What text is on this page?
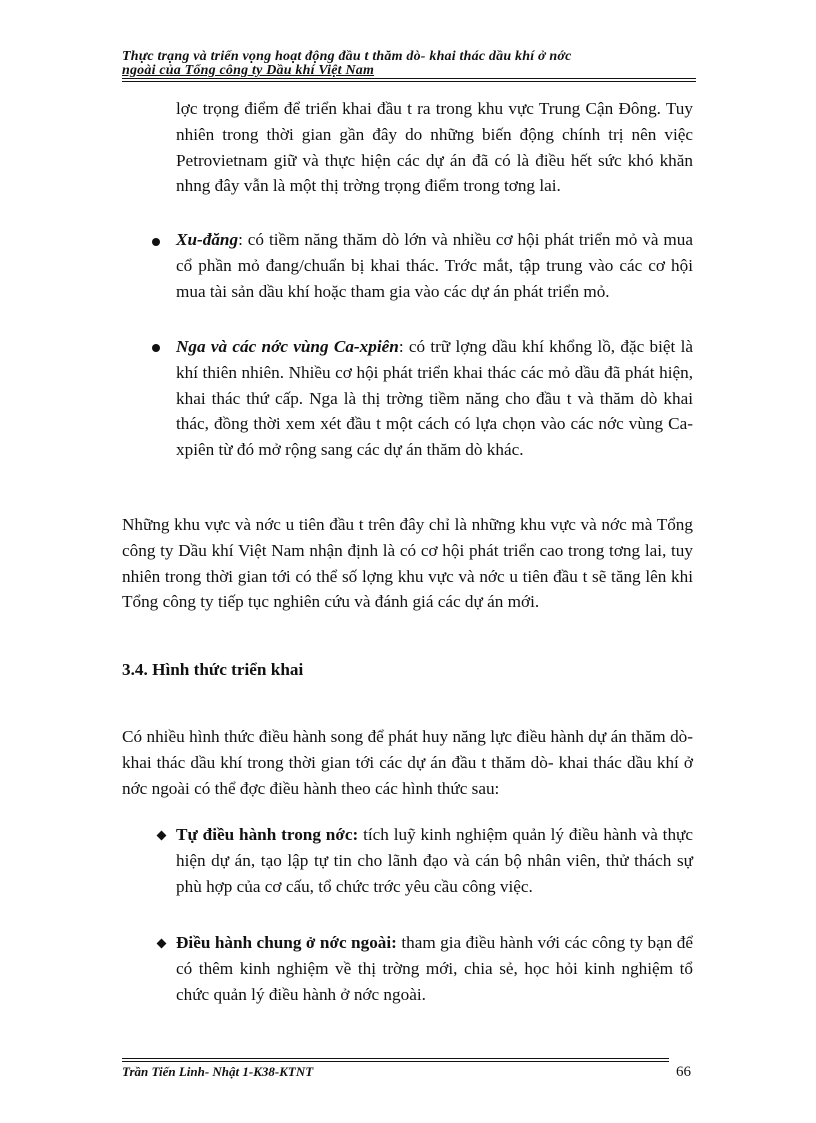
Thực trạng và triển vọng hoạt động đầu t thăm dò- khai thác dầu khí ở nớc
ngoài của Tổng công ty Dầu khí Việt Nam
lợc trọng điểm để triển khai đầu t ra trong khu vực Trung Cận Đông. Tuy nhiên trong thời gian gần đây do những biến động chính trị nên việc Petrovietnam giữ và thực hiện các dự án đã có là điều hết sức khó khăn nhng đây vẫn là một thị trờng trọng điểm trong tơng lai.
Xu-đăng: có tiềm năng thăm dò lớn và nhiều cơ hội phát triển mỏ và mua cổ phần mỏ đang/chuẩn bị khai thác. Trớc mắt, tập trung vào các cơ hội mua tài sản dầu khí hoặc tham gia vào các dự án phát triển mỏ.
Nga và các nớc vùng Ca-xpiên: có trữ lợng dầu khí khổng lồ, đặc biệt là khí thiên nhiên. Nhiều cơ hội phát triển khai thác các mỏ dầu đã phát hiện, khai thác thứ cấp. Nga là thị trờng tiềm năng cho đầu t và thăm dò khai thác, đồng thời xem xét đầu t một cách có lựa chọn vào các nớc vùng Ca-xpiên từ đó mở rộng sang các dự án thăm dò khác.
Những khu vực và nớc u tiên đầu t trên đây chỉ là những khu vực và nớc mà Tổng công ty Dầu khí Việt Nam nhận định là có cơ hội phát triển cao trong tơng lai, tuy nhiên trong thời gian tới có thể số lợng khu vực và nớc u tiên đầu t sẽ tăng lên khi Tổng công ty tiếp tục nghiên cứu và đánh giá các dự án mới.
3.4. Hình thức triển khai
Có nhiều hình thức điều hành song để phát huy năng lực điều hành dự án thăm dò- khai thác dầu khí trong thời gian tới các dự án đầu t thăm dò- khai thác dầu khí ở nớc ngoài có thể đợc điều hành theo các hình thức sau:
Tự điều hành trong nớc: tích luỹ kinh nghiệm quản lý điều hành và thực hiện dự án, tạo lập tự tin cho lãnh đạo và cán bộ nhân viên, thử thách sự phù hợp của cơ cấu, tổ chức trớc yêu cầu công việc.
Điều hành chung ở nớc ngoài: tham gia điều hành với các công ty bạn để có thêm kinh nghiệm về thị trờng mới, chia sẻ, học hỏi kinh nghiệm tổ chức quản lý điều hành ở nớc ngoài.
Trần Tiến Linh- Nhật 1-K38-KTNT	66
